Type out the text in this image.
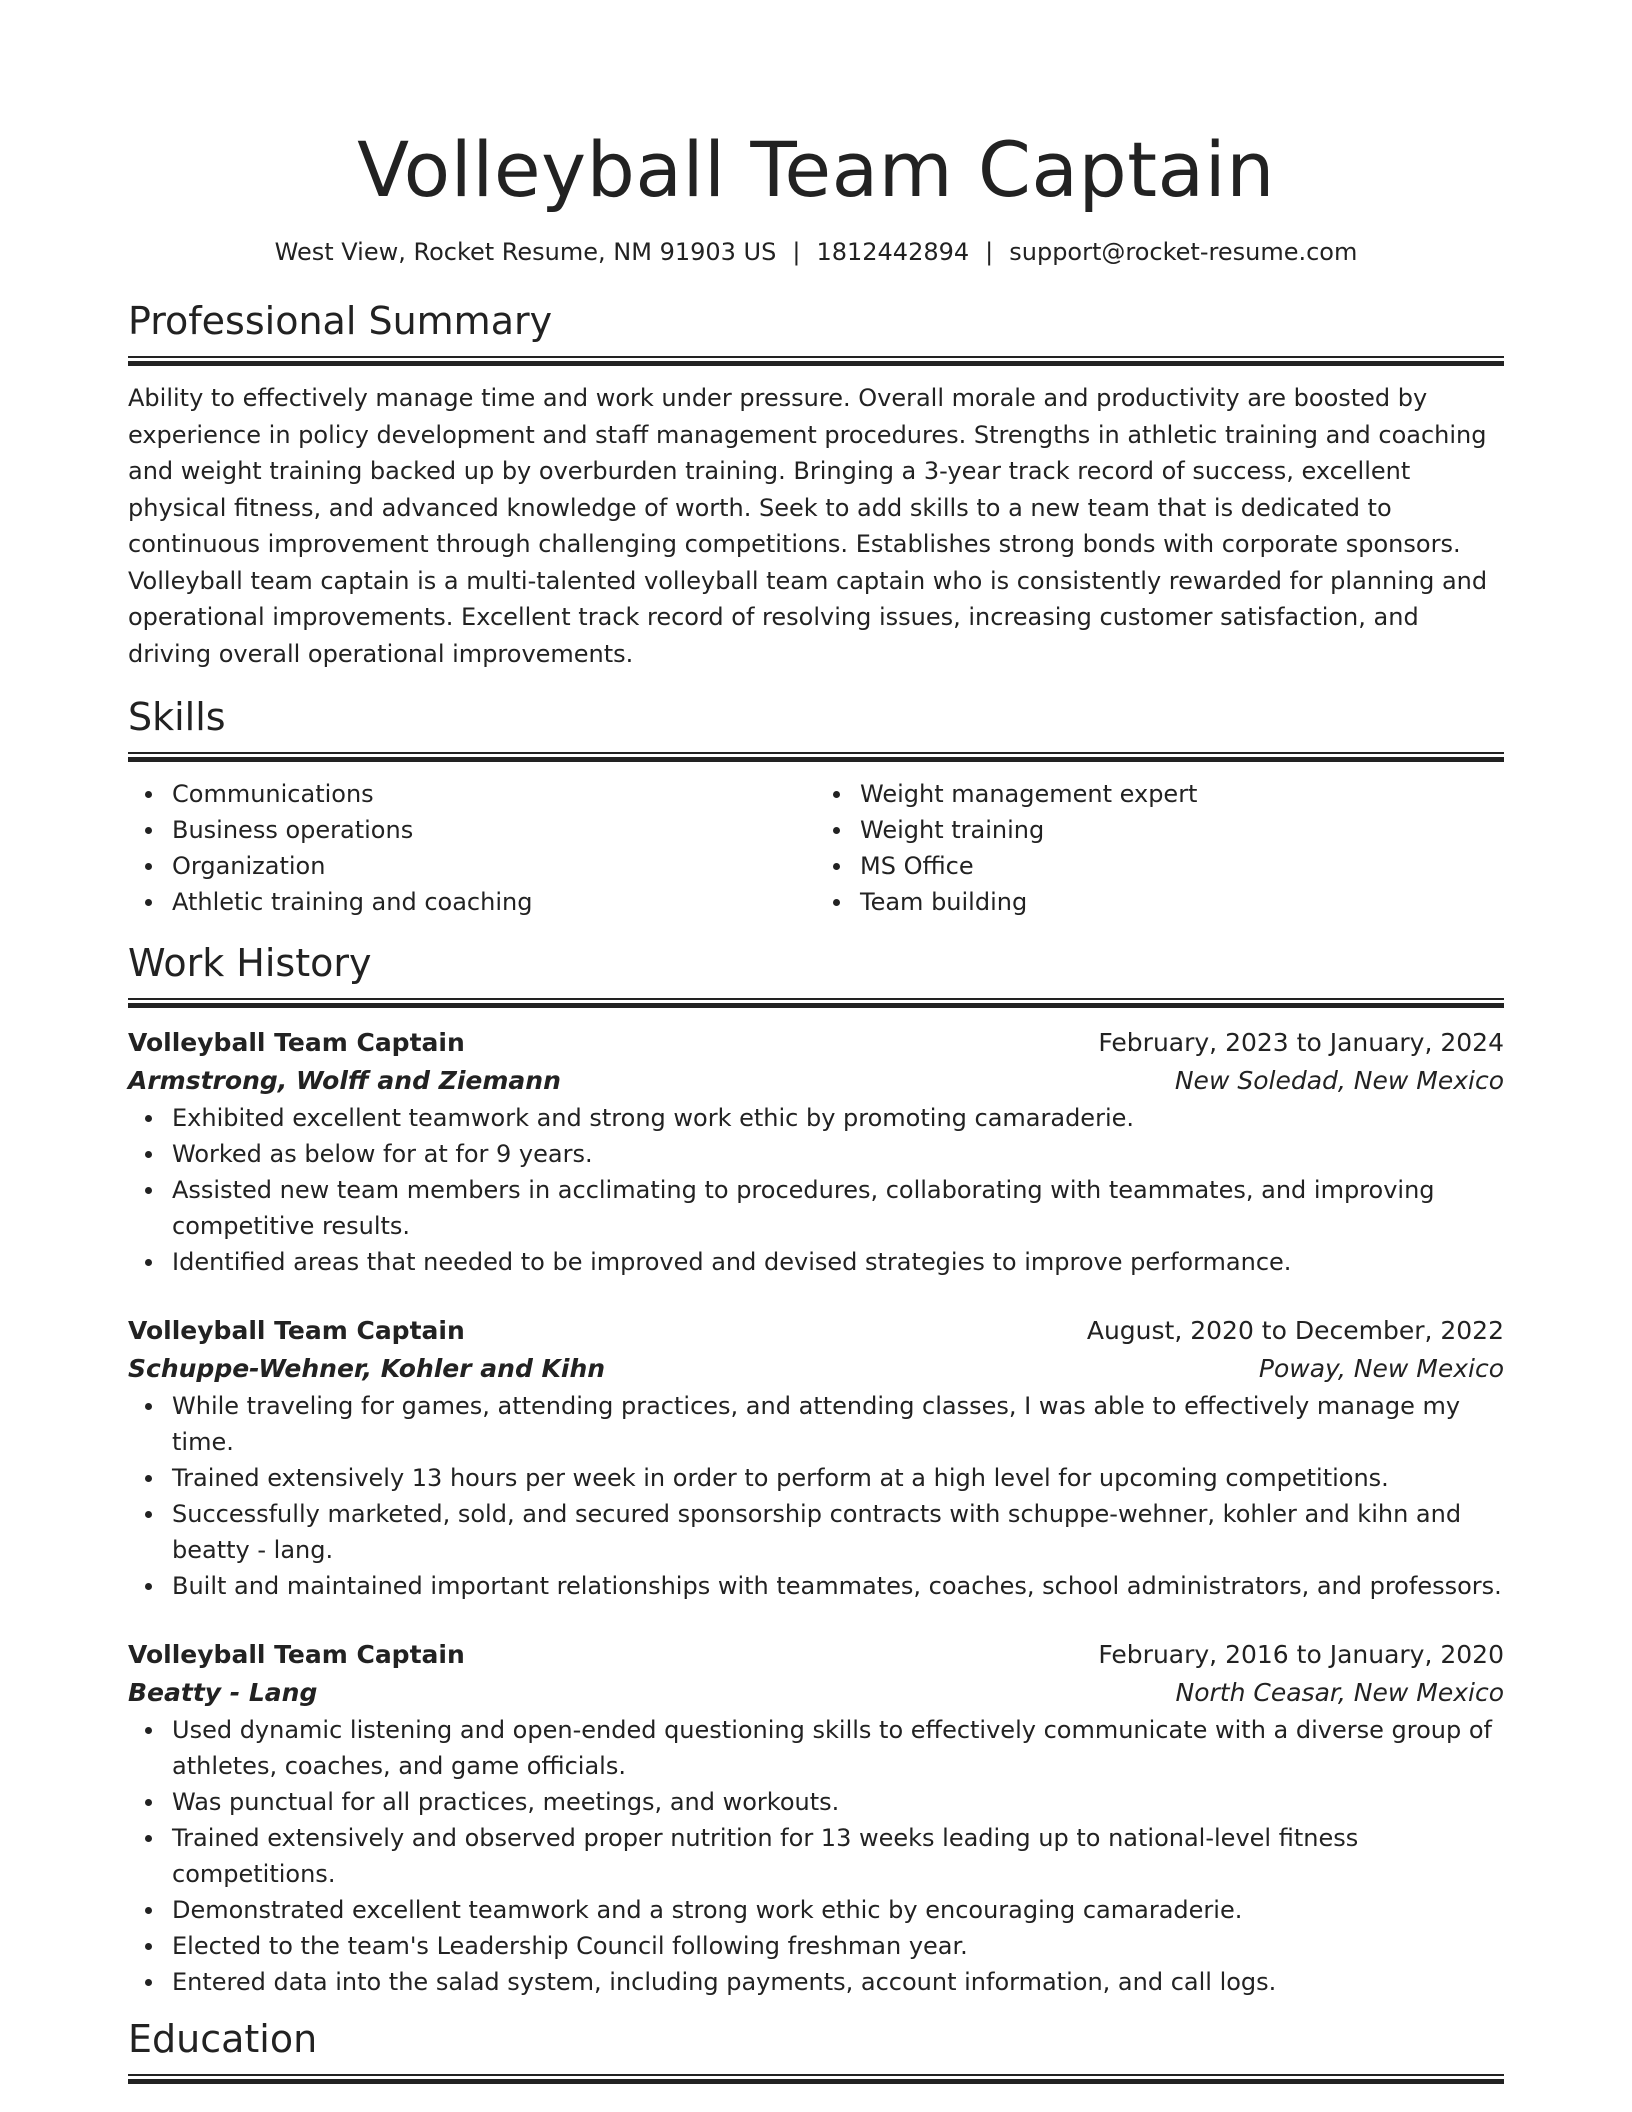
Volleyball Team Captain
West View, Rocket Resume, NM 91903 US | 1812442894 | support@rocket-resume.com
Professional Summary
Ability to effectively manage time and work under pressure. Overall morale and productivity are boosted by experience in policy development and staff management procedures. Strengths in athletic training and coaching and weight training backed up by overburden training. Bringing a 3-year track record of success, excellent physical fitness, and advanced knowledge of worth. Seek to add skills to a new team that is dedicated to continuous improvement through challenging competitions. Establishes strong bonds with corporate sponsors. Volleyball team captain is a multi-talented volleyball team captain who is consistently rewarded for planning and operational improvements. Excellent track record of resolving issues, increasing customer satisfaction, and driving overall operational improvements.
Skills
Communications
Business operations
Organization
Athletic training and coaching
Weight management expert
Weight training
MS Office
Team building
Work History
Volleyball Team Captain	February, 2023 to January, 2024
Armstrong, Wolff and Ziemann	New Soledad, New Mexico
Exhibited excellent teamwork and strong work ethic by promoting camaraderie.
Worked as below for at for 9 years.
Assisted new team members in acclimating to procedures, collaborating with teammates, and improving competitive results.
Identified areas that needed to be improved and devised strategies to improve performance.
Volleyball Team Captain	August, 2020 to December, 2022
Schuppe-Wehner, Kohler and Kihn	Poway, New Mexico
While traveling for games, attending practices, and attending classes, I was able to effectively manage my time.
Trained extensively 13 hours per week in order to perform at a high level for upcoming competitions.
Successfully marketed, sold, and secured sponsorship contracts with schuppe-wehner, kohler and kihn and beatty - lang.
Built and maintained important relationships with teammates, coaches, school administrators, and professors.
Volleyball Team Captain	February, 2016 to January, 2020
Beatty - Lang	North Ceasar, New Mexico
Used dynamic listening and open-ended questioning skills to effectively communicate with a diverse group of athletes, coaches, and game officials.
Was punctual for all practices, meetings, and workouts.
Trained extensively and observed proper nutrition for 13 weeks leading up to national-level fitness competitions.
Demonstrated excellent teamwork and a strong work ethic by encouraging camaraderie.
Elected to the team's Leadership Council following freshman year.
Entered data into the salad system, including payments, account information, and call logs.
Education
